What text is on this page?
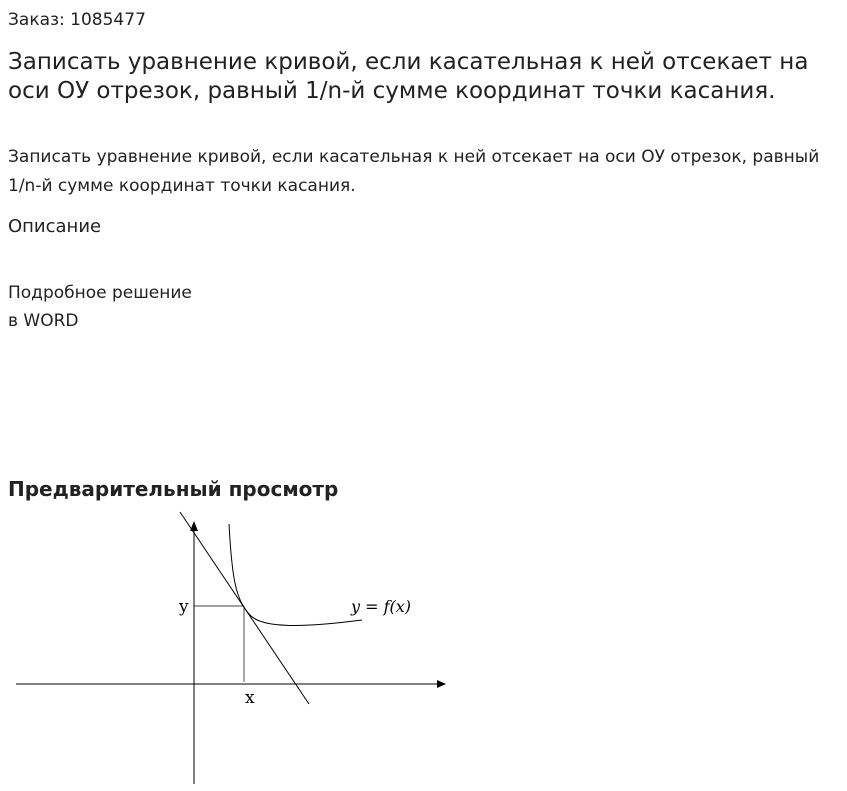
Заказ: 1085477
Записать уравнение кривой, если касательная к ней отсекает на оси ОУ отрезок, равный 1/n-й сумме координат точки касания.
Записать уравнение кривой, если касательная к ней отсекает на оси ОУ отрезок, равный 1/n-й сумме координат точки касания.
Описание
Подробное решение
в WORD
Предварительный просмотр
y
x
y = f(x)
